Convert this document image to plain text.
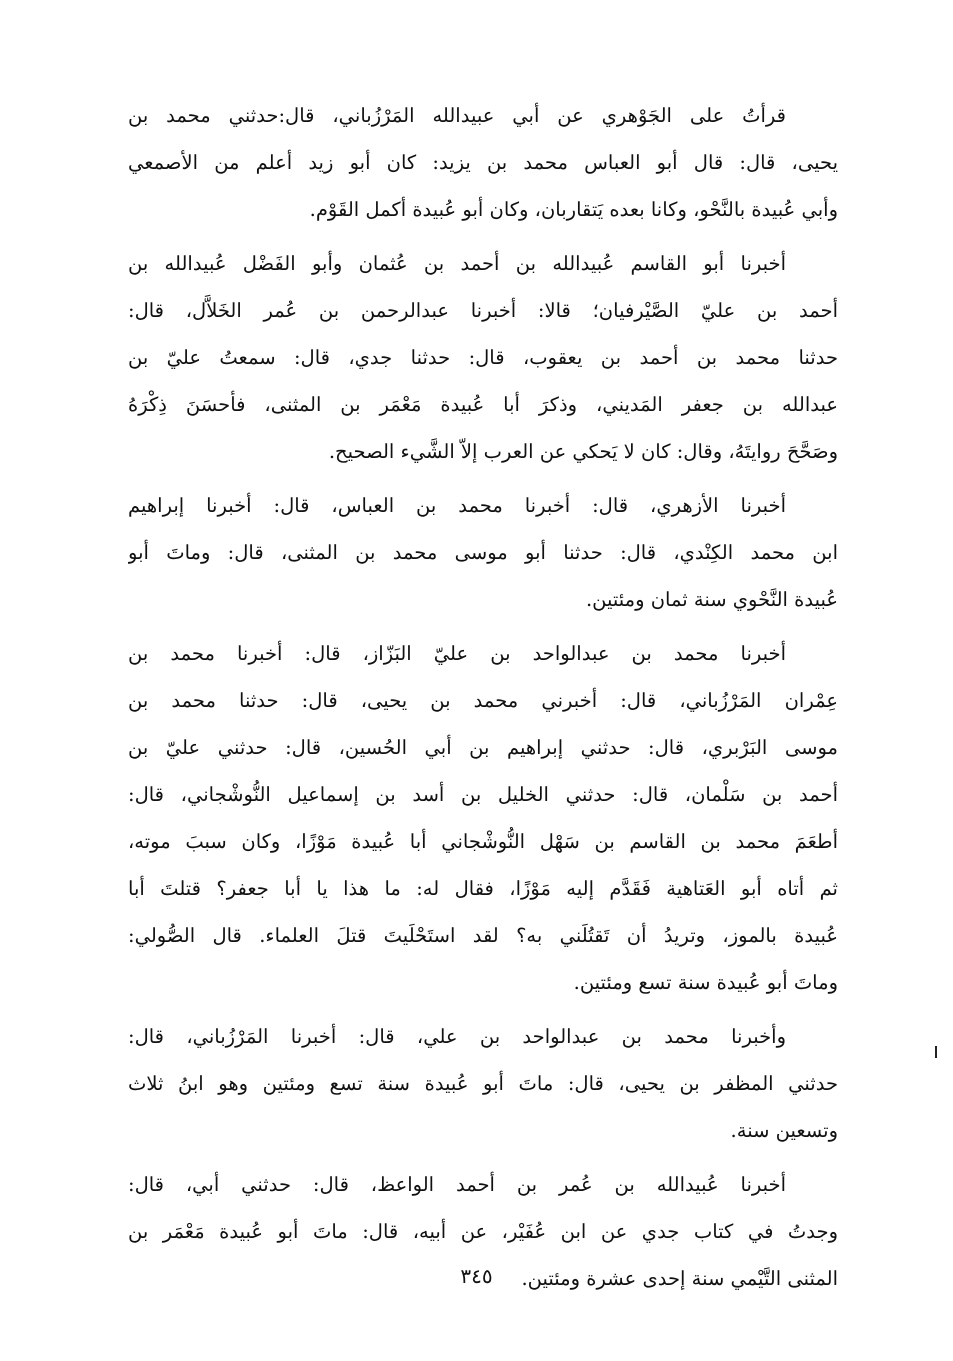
قرأتُ على الجَوْهري عن أبي عبيدالله المَرْزُباني، قال:حدثني محمد بن
يحيى، قال: قال أبو العباس محمد بن يزيد: كان أبو زيد أعلم من الأصمعي
وأبي عُبيدة بالنَّحْو، وكانا بعده يَتقاربان، وكان أبو عُبيدة أكمل القَوْم.
أخبرنا أبو القاسم عُبيدالله بن أحمد بن عُثمان وأبو الفَضْل عُبيدالله بن
أحمد بن عليّ الصَّيْرفيان؛ قالا: أخبرنا عبدالرحمن بن عُمر الخَلاَّل، قال:
حدثنا محمد بن أحمد بن يعقوب، قال: حدثنا جدي، قال: سمعتُ عليّ بن
عبدالله بن جعفر المَديني، وذكرَ أبا عُبيدة مَعْمَر بن المثنى، فأحسَنَ ذِكْرَهُ
وصَحَّحَ روايتَهُ، وقال: كان لا يَحكي عن العرب إلاّ الشَّيء الصحيح.
أخبرنا الأزهري، قال: أخبرنا محمد بن العباس، قال: أخبرنا إبراهيم
ابن محمد الكِنْدي، قال: حدثنا أبو موسى محمد بن المثنى، قال: وماتَ أبو
عُبيدة النَّحْوي سنة ثمان ومئتين.
أخبرنا محمد بن عبدالواحد بن عليّ البَزّاز، قال: أخبرنا محمد بن
عِمْران المَرْزُباني، قال: أخبرني محمد بن يحيى، قال: حدثنا محمد بن
موسى البَرْبري، قال: حدثني إبراهيم بن أبي الحُسين، قال: حدثني عليّ بن
أحمد بن سَلْمان، قال: حدثني الخليل بن أسد بن إسماعيل النُّوشْجاني، قال:
أطعَمَ محمد بن القاسم بن سَهْل النُّوشْجاني أبا عُبيدة مَوْزًا، وكان سببَ موته،
ثم أتاه أبو العَتاهية فَقَدَّم إليه مَوْزًا، فقال له: ما هذا يا أبا جعفر؟ قتلتَ أبا
عُبيدة بالموز، وتريدُ أن تَقتُلَني به؟ لقد استَحْلَيتَ قتلَ العلماء. قال الصُّولي:
وماتَ أبو عُبيدة سنة تسع ومئتين.
وأخبرنا محمد بن عبدالواحد بن علي، قال: أخبرنا المَرْزُباني، قال:
حدثني المظفر بن يحيى، قال: ماتَ أبو عُبيدة سنة تسع ومئتين وهو ابنُ ثلاث
وتسعين سنة.
أخبرنا عُبيدالله بن عُمر بن أحمد الواعظ، قال: حدثني أبي، قال:
وجدتُ في كتاب جدي عن ابن عُفَيْر، عن أبيه، قال: ماتَ أبو عُبيدة مَعْمَر بن
المثنى التَّيْمي سنة إحدى عشرة ومئتين.
٣٤٥
